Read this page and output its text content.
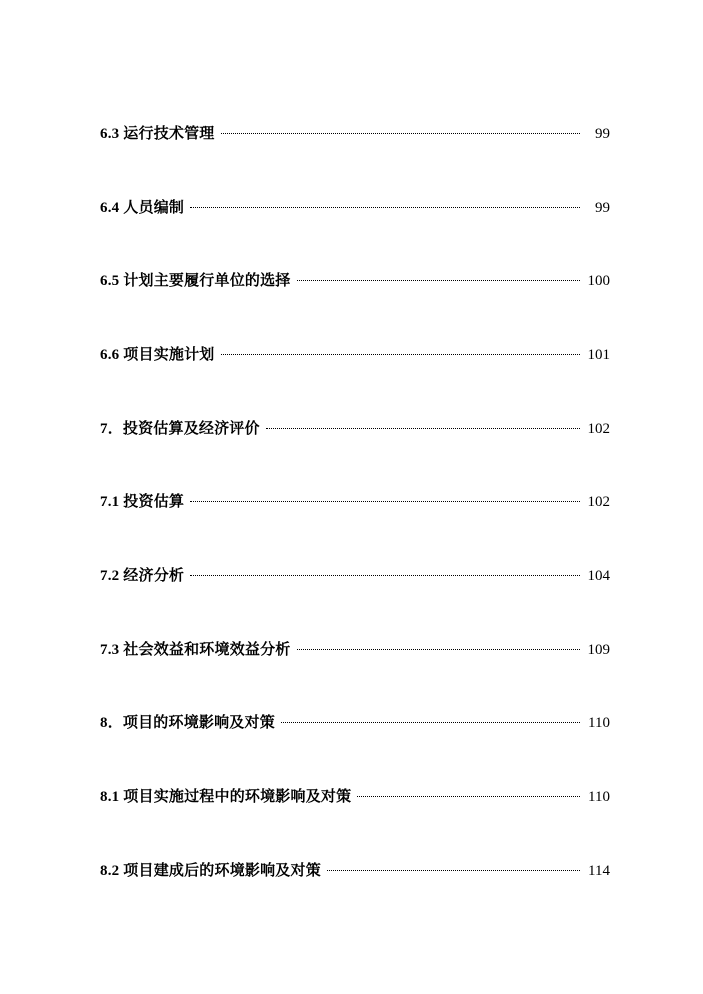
6.3 运行技术管理	99
6.4 人员编制	99
6.5 计划主要履行单位的选择	100
6.6 项目实施计划	101
7．投资估算及经济评价	102
7.1 投资估算	102
7.2 经济分析	104
7.3 社会效益和环境效益分析	109
8．项目的环境影响及对策	110
8.1 项目实施过程中的环境影响及对策	110
8.2 项目建成后的环境影响及对策	114
